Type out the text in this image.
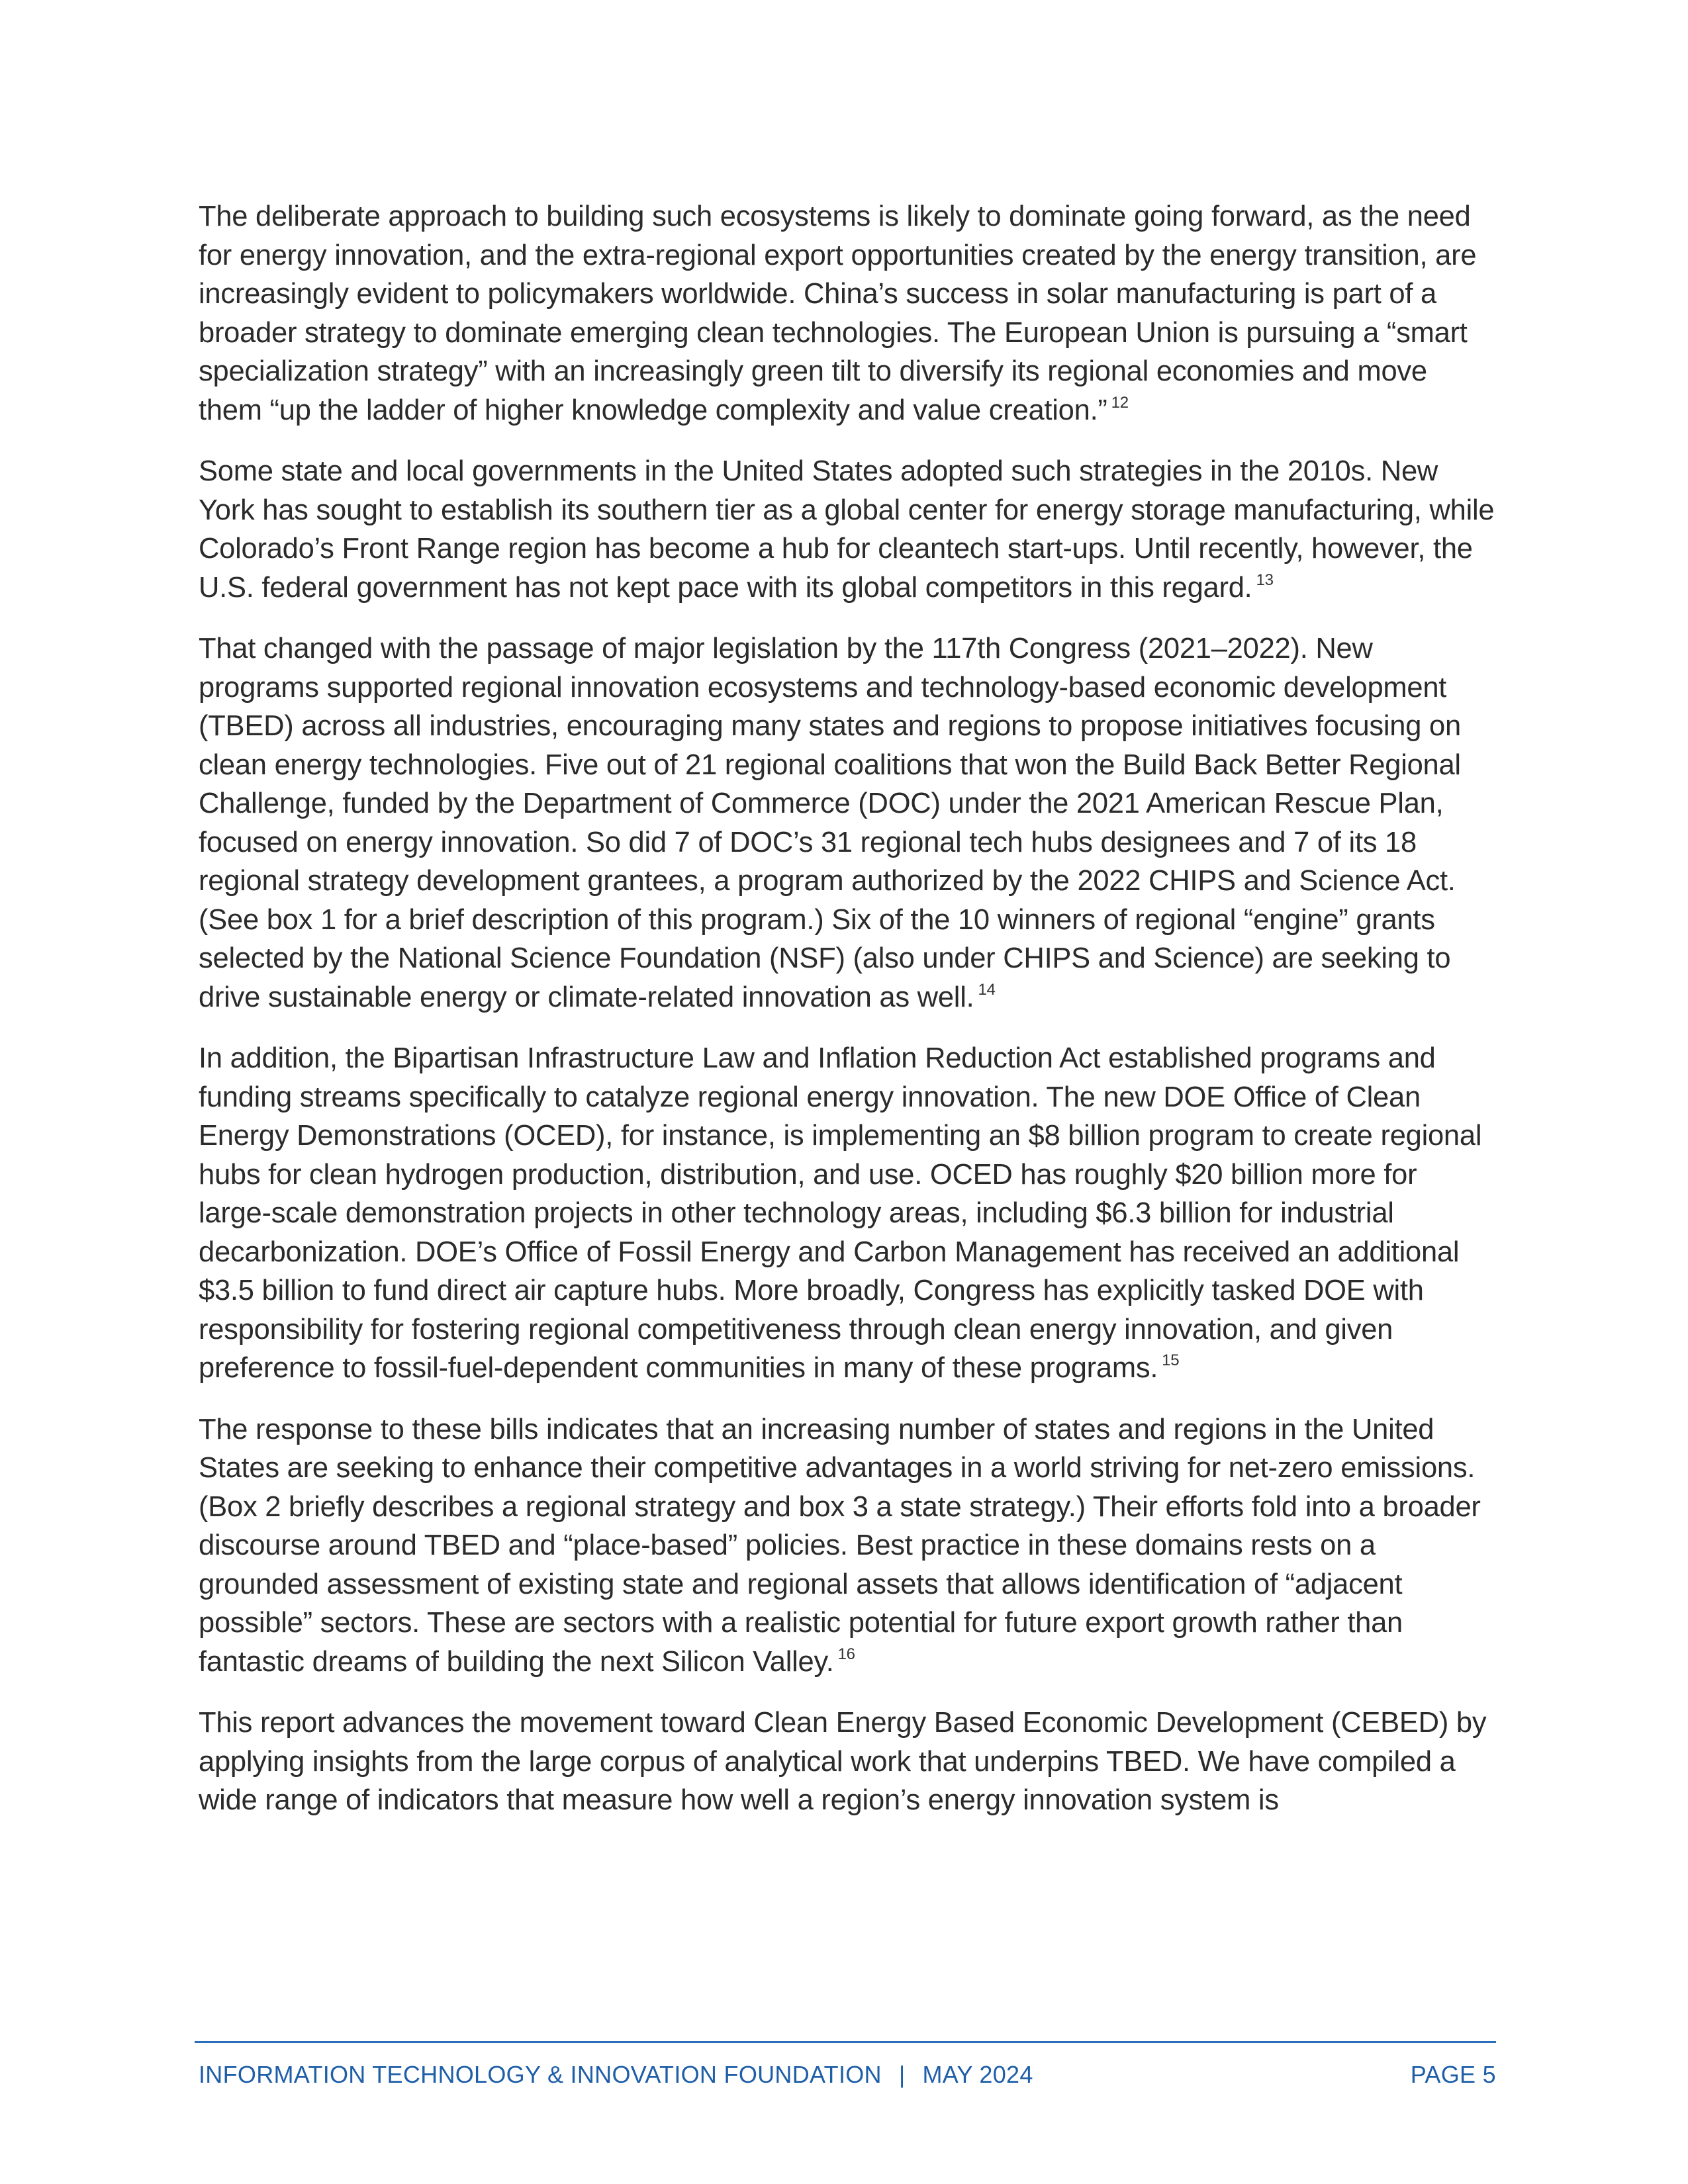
The deliberate approach to building such ecosystems is likely to dominate going forward, as the need for energy innovation, and the extra-regional export opportunities created by the energy transition, are increasingly evident to policymakers worldwide. China’s success in solar manufacturing is part of a broader strategy to dominate emerging clean technologies. The European Union is pursuing a “smart specialization strategy” with an increasingly green tilt to diversify its regional economies and move them “up the ladder of higher knowledge complexity and value creation.” $^{12}$

Some state and local governments in the United States adopted such strategies in the 2010s. New York has sought to establish its southern tier as a global center for energy storage manufacturing, while Colorado’s Front Range region has become a hub for cleantech start-ups. Until recently, however, the U.S. federal government has not kept pace with its global competitors in this regard. $^{13}$

That changed with the passage of major legislation by the 117th Congress (2021–2022). New programs supported regional innovation ecosystems and technology-based economic development (TBED) across all industries, encouraging many states and regions to propose initiatives focusing on clean energy technologies. Five out of 21 regional coalitions that won the Build Back Better Regional Challenge, funded by the Department of Commerce (DOC) under the 2021 American Rescue Plan, focused on energy innovation. So did 7 of DOC’s 31 regional tech hubs designees and 7 of its 18 regional strategy development grantees, a program authorized by the 2022 CHIPS and Science Act. (See box 1 for a brief description of this program.) Six of the 10 winners of regional “engine” grants selected by the National Science Foundation (NSF) (also under CHIPS and Science) are seeking to drive sustainable energy or climate-related innovation as well. $^{14}$

In addition, the Bipartisan Infrastructure Law and Inflation Reduction Act established programs and funding streams specifically to catalyze regional energy innovation. The new DOE Office of Clean Energy Demonstrations (OCED), for instance, is implementing an $8 billion program to create regional hubs for clean hydrogen production, distribution, and use. OCED has roughly $20 billion more for large-scale demonstration projects in other technology areas, including $6.3 billion for industrial decarbonization. DOE’s Office of Fossil Energy and Carbon Management has received an additional $3.5 billion to fund direct air capture hubs. More broadly, Congress has explicitly tasked DOE with responsibility for fostering regional competitiveness through clean energy innovation, and given preference to fossil-fuel-dependent communities in many of these programs. $^{15}$

The response to these bills indicates that an increasing number of states and regions in the United States are seeking to enhance their competitive advantages in a world striving for net-zero emissions. (Box 2 briefly describes a regional strategy and box 3 a state strategy.) Their efforts fold into a broader discourse around TBED and “place-based” policies. Best practice in these domains rests on a grounded assessment of existing state and regional assets that allows identification of “adjacent possible” sectors. These are sectors with a realistic potential for future export growth rather than fantastic dreams of building the next Silicon Valley. $^{16}$

This report advances the movement toward Clean Energy Based Economic Development (CEBED) by applying insights from the large corpus of analytical work that underpins TBED. We have compiled a wide range of indicators that measure how well a region’s energy innovation system is

INFORMATION TECHNOLOGY & INNOVATION FOUNDATION | MAY 2024	PAGE 5
